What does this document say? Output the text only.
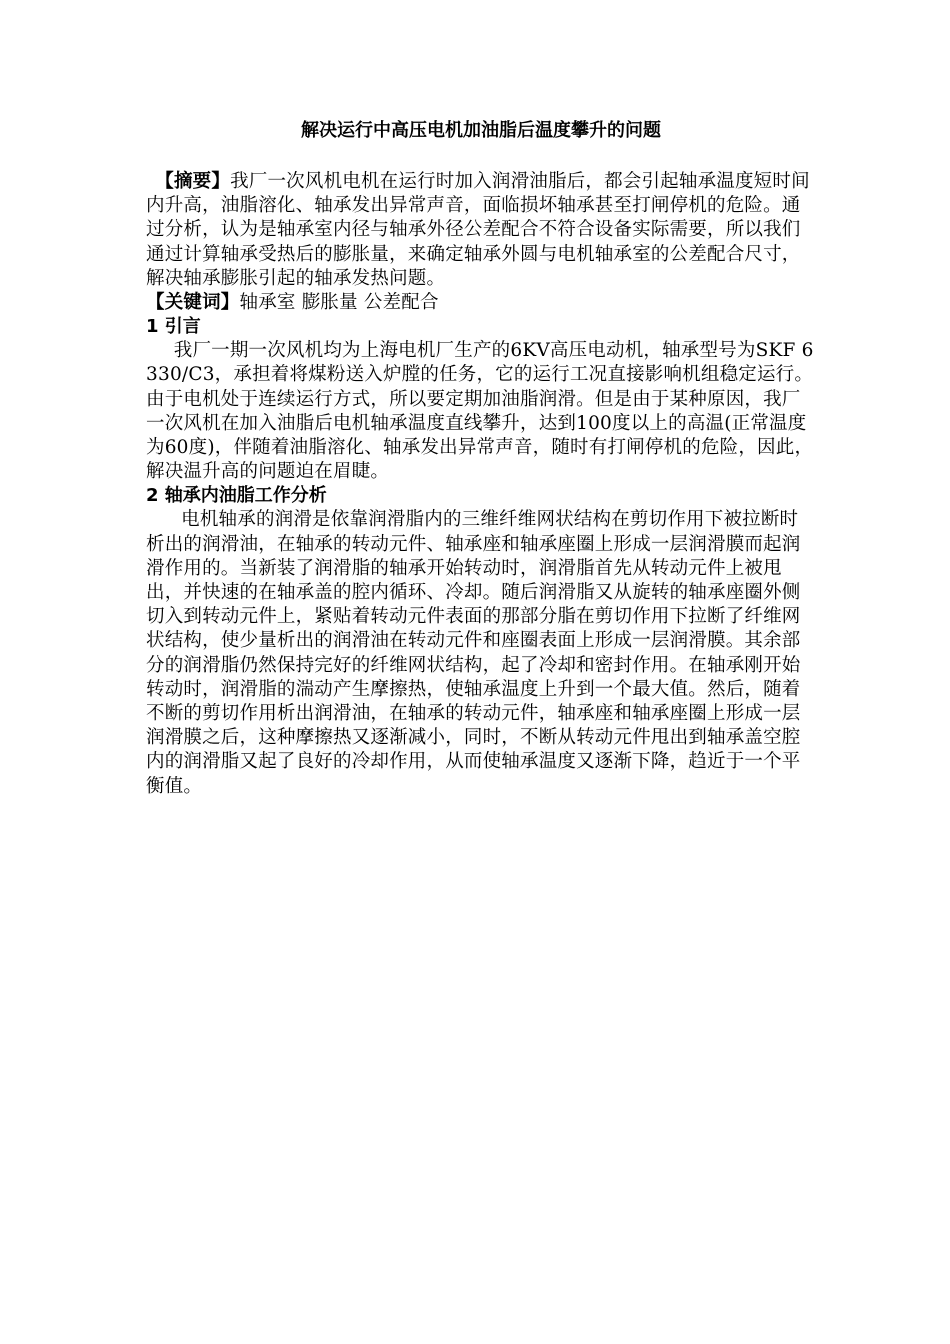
解决运行中高压电机加油脂后温度攀升的问题

【摘要】我厂一次风机电机在运行时加入润滑油脂后，都会引起轴承温度短时间内升高，油脂溶化、轴承发出异常声音，面临损坏轴承甚至打闸停机的危险。通过分析，认为是轴承室内径与轴承外径公差配合不符合设备实际需要，所以我们通过计算轴承受热后的膨胀量，来确定轴承外圆与电机轴承室的公差配合尺寸，解决轴承膨胀引起的轴承发热问题。

【关键词】轴承室 膨胀量 公差配合

1 引言

我厂一期一次风机均为上海电机厂生产的6KV高压电动机，轴承型号为SKF 6330/C3，承担着将煤粉送入炉膛的任务，它的运行工况直接影响机组稳定运行。由于电机处于连续运行方式，所以要定期加油脂润滑。但是由于某种原因，我厂一次风机在加入油脂后电机轴承温度直线攀升，达到100度以上的高温(正常温度为60度)，伴随着油脂溶化、轴承发出异常声音，随时有打闸停机的危险，因此，解决温升高的问题迫在眉睫。

2 轴承内油脂工作分析

电机轴承的润滑是依靠润滑脂内的三维纤维网状结构在剪切作用下被拉断时析出的润滑油，在轴承的转动元件、轴承座和轴承座圈上形成一层润滑膜而起润滑作用的。当新装了润滑脂的轴承开始转动时，润滑脂首先从转动元件上被甩出，并快速的在轴承盖的腔内循环、冷却。随后润滑脂又从旋转的轴承座圈外侧切入到转动元件上，紧贴着转动元件表面的那部分脂在剪切作用下拉断了纤维网状结构，使少量析出的润滑油在转动元件和座圈表面上形成一层润滑膜。其余部分的润滑脂仍然保持完好的纤维网状结构，起了冷却和密封作用。在轴承刚开始转动时，润滑脂的湍动产生摩擦热，使轴承温度上升到一个最大值。然后，随着不断的剪切作用析出润滑油，在轴承的转动元件，轴承座和轴承座圈上形成一层润滑膜之后，这种摩擦热又逐渐减小，同时，不断从转动元件甩出到轴承盖空腔内的润滑脂又起了良好的冷却作用，从而使轴承温度又逐渐下降，趋近于一个平衡值。
